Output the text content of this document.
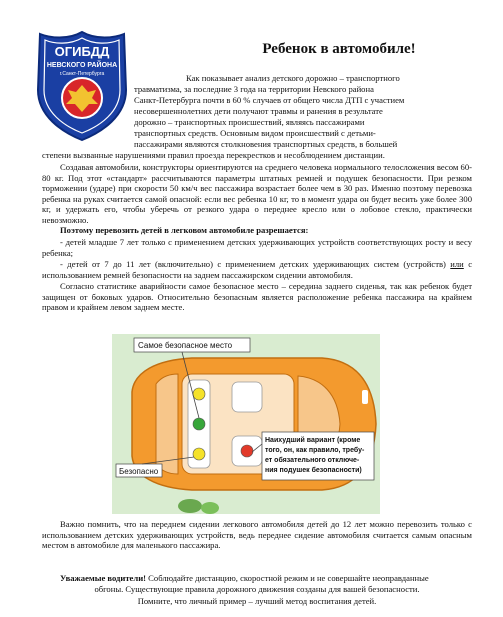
ОГИБДД
НЕВСКОГО РАЙОНА
г.Санкт-Петербурга
Ребенок в автомобиле!

Как показывает анализ детского дорожно – транспортного

травматизма, за последние 3 года на территории Невского района

Санкт-Петербурга почти в 60 % случаев от общего числа ДТП с участием

несовершеннолетних дети получают травмы и ранения в результате

дорожно – транспортных происшествий, являясь пассажирами

транспортных средств. Основным видом происшествий с детьми-

пассажирами являются столкновения транспортных средств, в большей

степени вызванные нарушениями правил проезда перекрестков и несоблюдением дистанции.

Создавая автомобили, конструкторы ориентируются на среднего человека нормального телосложения весом 60-80 кг. Под этот «стандарт» рассчитываются параметры штатных ремней и подушек безопасности. При резком торможении (ударе) при скорости 50 км/ч вес пассажира возрастает более чем в 30 раз. Именно поэтому перевозка ребенка на руках считается самой опасной: если вес ребенка 10 кг, то в момент удара он будет весить уже более 300 кг, и удержать его, чтобы уберечь от резкого удара о переднее кресло или о лобовое стекло, практически невозможно.

Поэтому перевозить детей в легковом автомобиле разрешается:

- детей младше 7 лет только с применением детских удерживающих устройств соответствующих росту и весу ребенка;

- детей от 7 до 11 лет (включительно) с применением детских удерживающих систем (устройств) или с использованием ремней безопасности на заднем пассажирском сидении автомобиля.

Согласно статистике аварийности самое безопасное место – середина заднего сиденья, так как ребенок будет защищен от боковых ударов. Относительно безопасным является расположение ребенка пассажира на крайнем правом и крайнем левом заднем месте.

Самое безопасное место
Безопасно
Наихудший вариант (кроме
того, он, как правило, требу-
ет обязательного отключе-
ния подушек безопасности)

Важно помнить, что на переднем сидении легкового автомобиля детей до 12 лет можно перевозить только с использованием детских удерживающих устройств, ведь переднее сидение автомобиля считается самым опасным местом в автомобиле для маленького пассажира.

Уважаемые водители! Соблюдайте дистанцию, скоростной режим и не совершайте неоправданные

обгоны. Существующие правила дорожного движения созданы для вашей безопасности.

Помните, что личный пример – лучший метод воспитания детей.
